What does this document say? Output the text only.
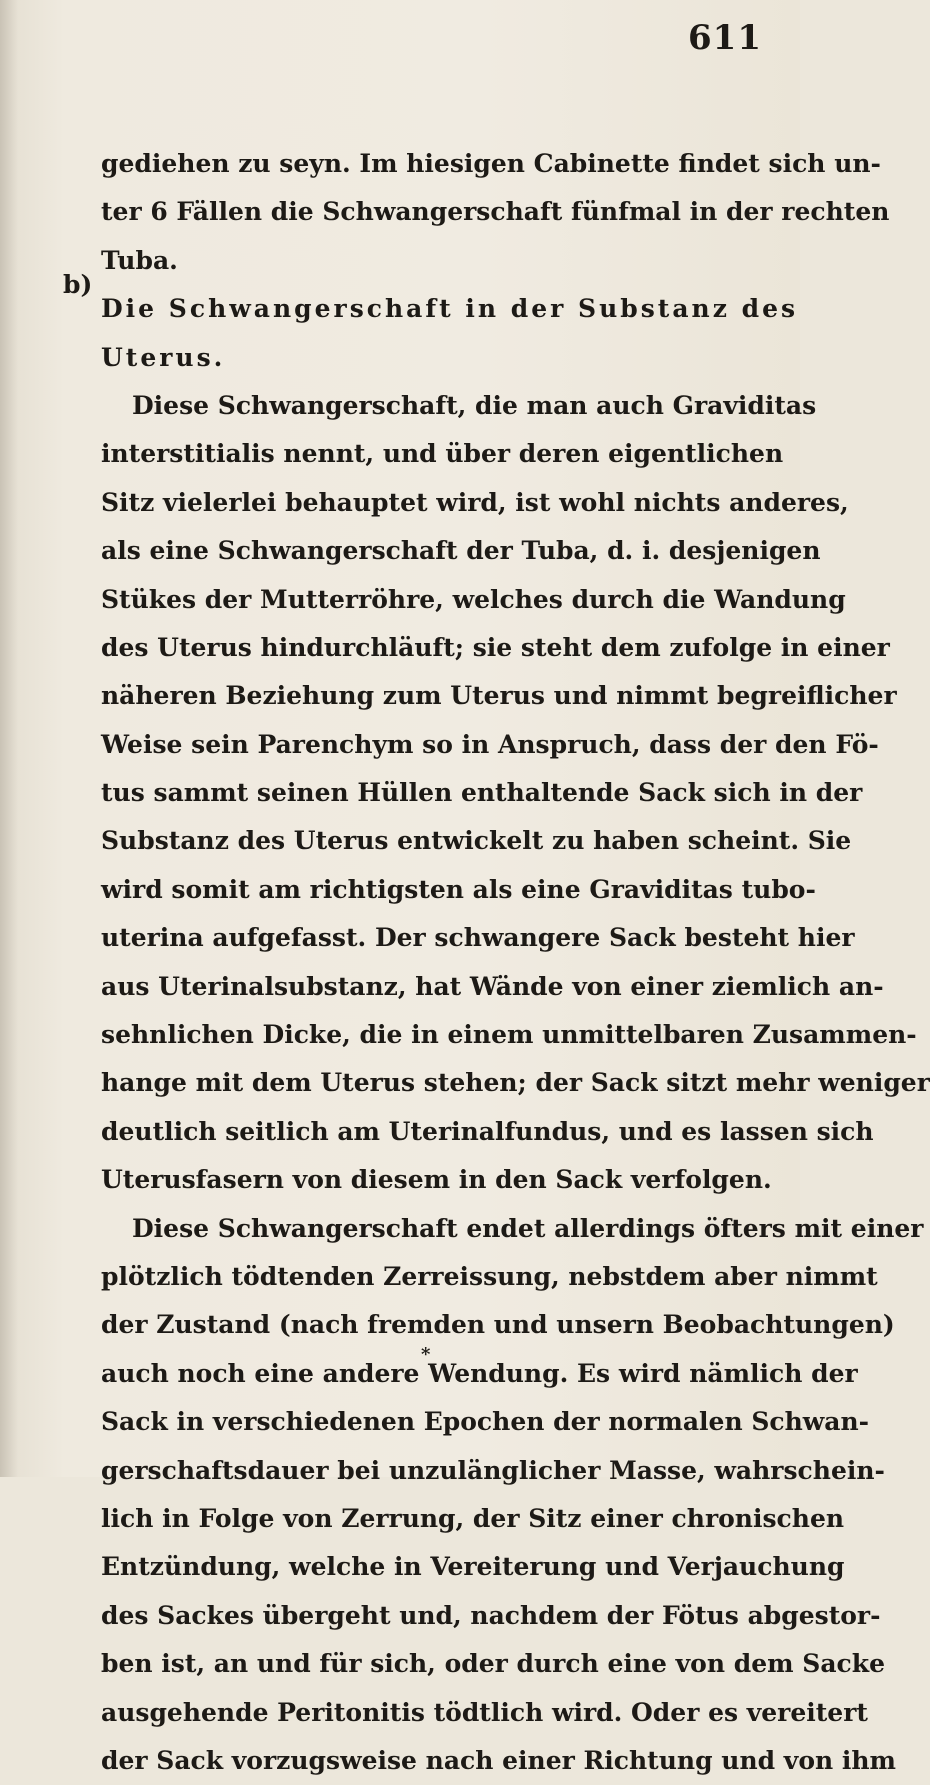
611
b)
gediehen zu seyn. Im hiesigen Cabinette findet sich un-
ter 6 Fällen die Schwangerschaft fünfmal in der rechten
Tuba.
Die Schwangerschaft in der Substanz des
Uterus.
Diese Schwangerschaft, die man auch Graviditas
interstitialis nennt, und über deren eigentlichen
Sitz vielerlei behauptet wird, ist wohl nichts anderes,
als eine Schwangerschaft der Tuba, d. i. desjenigen
Stükes der Mutterröhre, welches durch die Wandung
des Uterus hindurchläuft; sie steht dem zufolge in einer
näheren Beziehung zum Uterus und nimmt begreiflicher
Weise sein Parenchym so in Anspruch, dass der den Fö-
tus sammt seinen Hüllen enthaltende Sack sich in der
Substanz des Uterus entwickelt zu haben scheint. Sie
wird somit am richtigsten als eine Graviditas tubo-
uterina aufgefasst. Der schwangere Sack besteht hier
aus Uterinalsubstanz, hat Wände von einer ziemlich an-
sehnlichen Dicke, die in einem unmittelbaren Zusammen-
hange mit dem Uterus stehen; der Sack sitzt mehr weniger
deutlich seitlich am Uterinalfundus, und es lassen sich
Uterusfasern von diesem in den Sack verfolgen.
Diese Schwangerschaft endet allerdings öfters mit einer
plötzlich tödtenden Zerreissung, nebstdem aber nimmt
der Zustand (nach fremden und unsern Beobachtungen)
auch noch eine andere Wendung. Es wird nämlich der
Sack in verschiedenen Epochen der normalen Schwan-
gerschaftsdauer bei unzulänglicher Masse, wahrschein-
lich in Folge von Zerrung, der Sitz einer chronischen
Entzündung, welche in Vereiterung und Verjauchung
des Sackes übergeht und, nachdem der Fötus abgestor-
ben ist, an und für sich, oder durch eine von dem Sacke
ausgehende Peritonitis tödtlich wird. Oder es vereitert
der Sack vorzugsweise nach einer Richtung und von ihm
*
